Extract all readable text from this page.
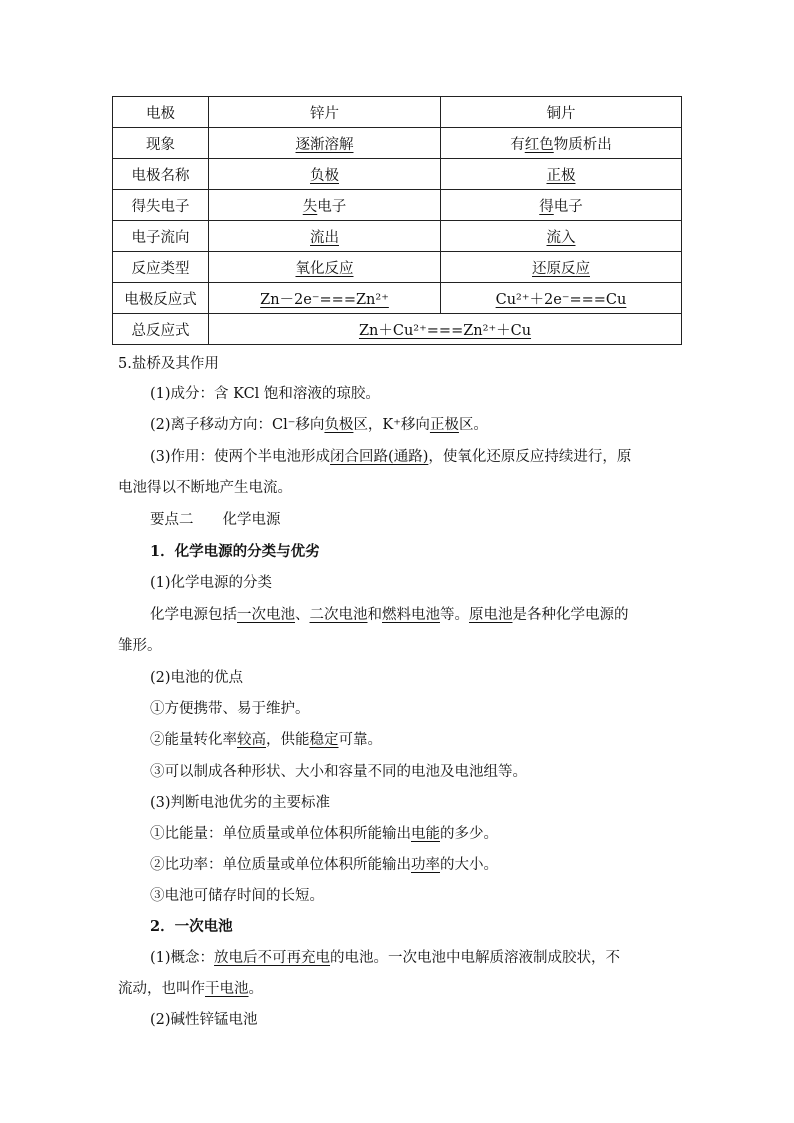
电极	锌片	铜片
现象	逐渐溶解	有红色物质析出
电极名称	负极	正极
得失电子	失电子	得电子
电子流向	流出	流入
反应类型	氧化反应	还原反应
电极反应式	Zn－2e⁻===Zn²⁺	Cu²⁺＋2e⁻===Cu
总反应式	Zn＋Cu²⁺===Zn²⁺＋Cu	
5.盐桥及其作用
(1)成分：含 KCl 饱和溶液的琼胶。
(2)离子移动方向：Cl⁻移向负极区，K⁺移向正极区。
(3)作用：使两个半电池形成闭合回路(通路)，使氧化还原反应持续进行，原
电池得以不断地产生电流。
要点二　　化学电源
1．化学电源的分类与优劣
(1)化学电源的分类
化学电源包括一次电池、二次电池和燃料电池等。原电池是各种化学电源的
雏形。
(2)电池的优点
①方便携带、易于维护。
②能量转化率较高，供能稳定可靠。
③可以制成各种形状、大小和容量不同的电池及电池组等。
(3)判断电池优劣的主要标准
①比能量：单位质量或单位体积所能输出电能的多少。
②比功率：单位质量或单位体积所能输出功率的大小。
③电池可储存时间的长短。
2．一次电池
(1)概念：放电后不可再充电的电池。一次电池中电解质溶液制成胶状，不
流动，也叫作干电池。
(2)碱性锌锰电池
